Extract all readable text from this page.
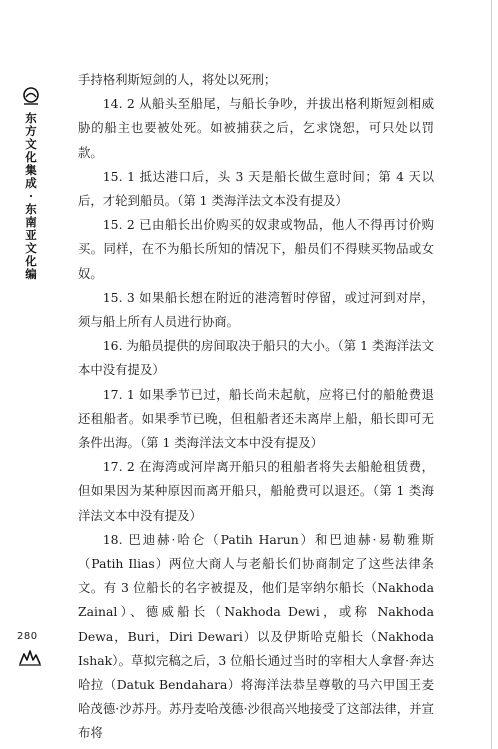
东
方
文
化
集
成
·
东
南
亚
文
化
编
280

手持格利斯短剑的人，将处以死刑；

14. 2 从船头至船尾，与船长争吵，并拔出格利斯短剑相威胁的船主也要被处死。如被捕获之后，乞求饶恕，可只处以罚款。

15. 1 抵达港口后，头 3 天是船长做生意时间；第 4 天以后，才轮到船员。（第 1 类海洋法文本没有提及）

15. 2 已由船长出价购买的奴隶或物品，他人不得再讨价购买。同样，在不为船长所知的情况下，船员们不得赎买物品或女奴。

15. 3 如果船长想在附近的港湾暂时停留，或过河到对岸，须与船上所有人员进行协商。

16. 为船员提供的房间取决于船只的大小。（第 1 类海洋法文本中没有提及）

17. 1 如果季节已过，船长尚未起航，应将已付的船舱费退还租船者。如果季节已晚，但租船者还未离岸上船，船长即可无条件出海。（第 1 类海洋法文本中没有提及）

17. 2 在海湾或河岸离开船只的租船者将失去船舱租赁费，但如果因为某种原因而离开船只，船舱费可以退还。（第 1 类海洋法文本中没有提及）

18. 巴迪赫·哈仑（Patih Harun）和巴迪赫·易勒雅斯（Patih Ilias）两位大商人与老船长们协商制定了这些法律条文。有 3 位船长的名字被提及，他们是宰纳尔船长（Nakhoda Zainal）、德威船长（Nakhoda Dewi，或称 Nakhoda Dewa，Buri，Diri Dewari）以及伊斯哈克船长（Nakhoda Ishak）。草拟完稿之后，3 位船长通过当时的宰相大人拿督·奔达哈拉（Datuk Bendahara）将海洋法恭呈尊敬的马六甲国王麦哈茂德·沙苏丹。苏丹麦哈茂德·沙很高兴地接受了这部法律，并宣布将
